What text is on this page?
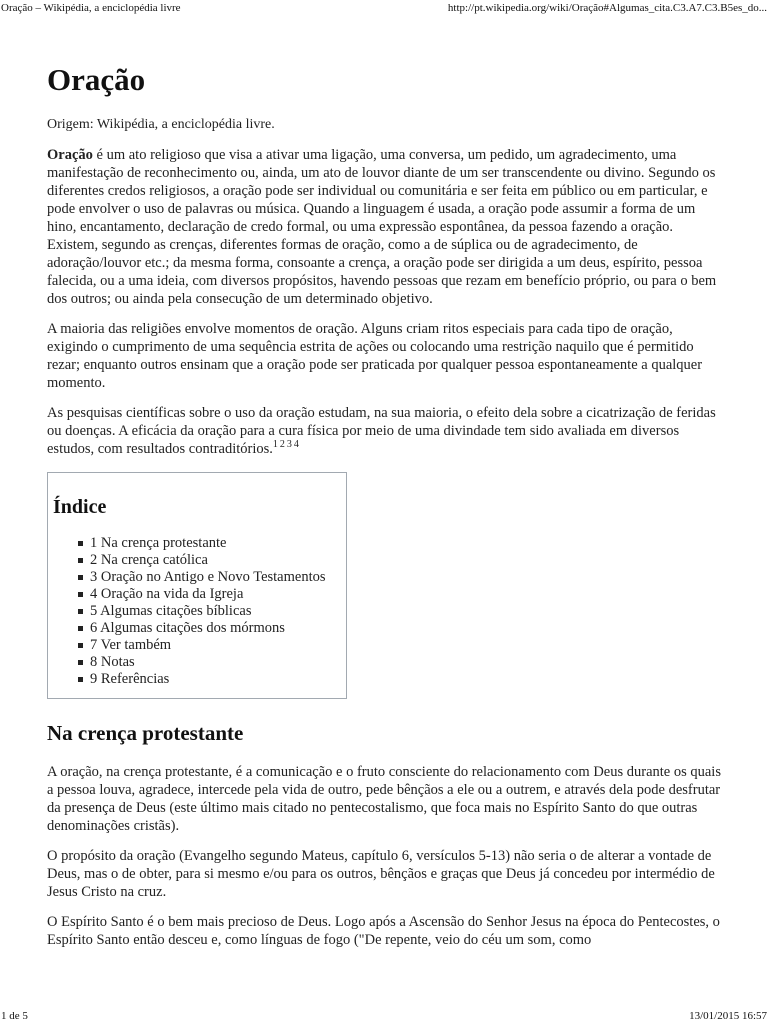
Oração – Wikipédia, a enciclopédia livre	http://pt.wikipedia.org/wiki/Oração#Algumas_cita.C3.A7.C3.B5es_do...
Oração
Origem: Wikipédia, a enciclopédia livre.

Oração é um ato religioso que visa a ativar uma ligação, uma conversa, um pedido, um agradecimento, uma manifestação de reconhecimento ou, ainda, um ato de louvor diante de um ser transcendente ou divino. Segundo os diferentes credos religiosos, a oração pode ser individual ou comunitária e ser feita em público ou em particular, e pode envolver o uso de palavras ou música. Quando a linguagem é usada, a oração pode assumir a forma de um hino, encantamento, declaração de credo formal, ou uma expressão espontânea, da pessoa fazendo a oração. Existem, segundo as crenças, diferentes formas de oração, como a de súplica ou de agradecimento, de adoração/louvor etc.; da mesma forma, consoante a crença, a oração pode ser dirigida a um deus, espírito, pessoa falecida, ou a uma ideia, com diversos propósitos, havendo pessoas que rezam em benefício próprio, ou para o bem dos outros; ou ainda pela consecução de um determinado objetivo.

A maioria das religiões envolve momentos de oração. Alguns criam ritos especiais para cada tipo de oração, exigindo o cumprimento de uma sequência estrita de ações ou colocando uma restrição naquilo que é permitido rezar; enquanto outros ensinam que a oração pode ser praticada por qualquer pessoa espontaneamente a qualquer momento.

As pesquisas científicas sobre o uso da oração estudam, na sua maioria, o efeito dela sobre a cicatrização de feridas ou doenças. A eficácia da oração para a cura física por meio de uma divindade tem sido avaliada em diversos estudos, com resultados contraditórios.$^{1 2 3 4}$

Índice
1 Na crença protestante
2 Na crença católica
3 Oração no Antigo e Novo Testamentos
4 Oração na vida da Igreja
5 Algumas citações bíblicas
6 Algumas citações dos mórmons
7 Ver também
8 Notas
9 Referências
Na crença protestante

A oração, na crença protestante, é a comunicação e o fruto consciente do relacionamento com Deus durante os quais a pessoa louva, agradece, intercede pela vida de outro, pede bênçãos a ele ou a outrem, e através dela pode desfrutar da presença de Deus (este último mais citado no pentecostalismo, que foca mais no Espírito Santo do que outras denominações cristãs).

O propósito da oração (Evangelho segundo Mateus, capítulo 6, versículos 5-13) não seria o de alterar a vontade de Deus, mas o de obter, para si mesmo e/ou para os outros, bênçãos e graças que Deus já concedeu por intermédio de Jesus Cristo na cruz.

O Espírito Santo é o bem mais precioso de Deus. Logo após a Ascensão do Senhor Jesus na época do Pentecostes, o Espírito Santo então desceu e, como línguas de fogo ("De repente, veio do céu um som, como

1 de 5	13/01/2015 16:57
